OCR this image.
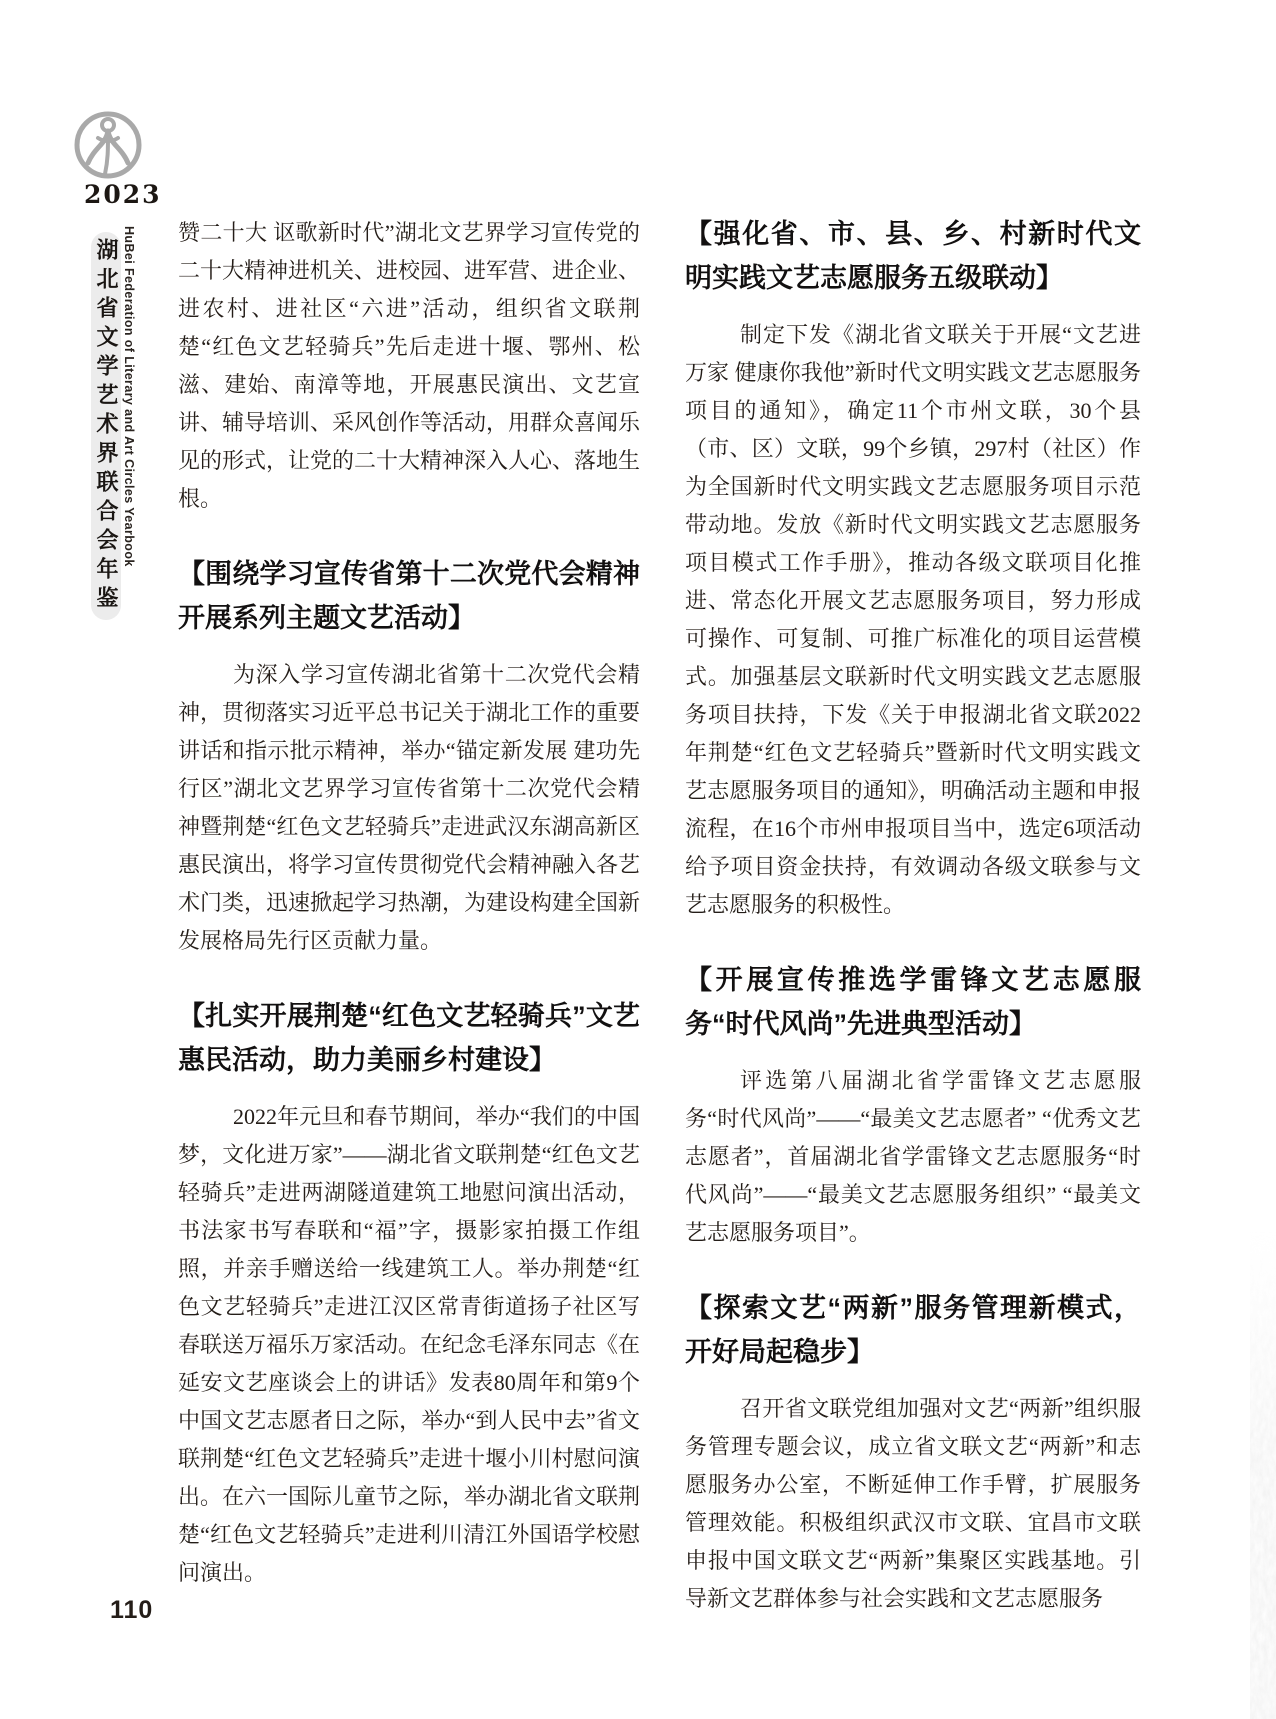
2023
湖北省文学艺术界联合会年鉴 HuBei Federation of Literary and Art Circles Yearbook 赞二十大 讴歌新时代”湖北文艺界学习宣传党的二十大精神进机关、进校园、进军营、进企业、进农村、进社区“六进”活动，组织省文联荆楚“红色文艺轻骑兵”先后走进十堰、鄂州、松滋、建始、南漳等地，开展惠民演出、文艺宣讲、辅导培训、采风创作等活动，用群众喜闻乐见的形式，让党的二十大精神深入人心、落地生根。

【围绕学习宣传省第十二次党代会精神开展系列主题文艺活动】

为深入学习宣传湖北省第十二次党代会精神，贯彻落实习近平总书记关于湖北工作的重要讲话和指示批示精神，举办“锚定新发展 建功先行区”湖北文艺界学习宣传省第十二次党代会精神暨荆楚“红色文艺轻骑兵”走进武汉东湖高新区惠民演出，将学习宣传贯彻党代会精神融入各艺术门类，迅速掀起学习热潮，为建设构建全国新发展格局先行区贡献力量。

【扎实开展荆楚“红色文艺轻骑兵”文艺惠民活动，助力美丽乡村建设】

2022年元旦和春节期间，举办“我们的中国梦，文化进万家”——湖北省文联荆楚“红色文艺轻骑兵”走进两湖隧道建筑工地慰问演出活动，书法家书写春联和“福”字，摄影家拍摄工作组照，并亲手赠送给一线建筑工人。举办荆楚“红色文艺轻骑兵”走进江汉区常青街道扬子社区写春联送万福乐万家活动。在纪念毛泽东同志《在延安文艺座谈会上的讲话》发表80周年和第9个中国文艺志愿者日之际，举办“到人民中去”省文联荆楚“红色文艺轻骑兵”走进十堰小川村慰问演出。在六一国际儿童节之际，举办湖北省文联荆楚“红色文艺轻骑兵”走进利川清江外国语学校慰问演出。

【强化省、市、县、乡、村新时代文明实践文艺志愿服务五级联动】

制定下发《湖北省文联关于开展“文艺进万家 健康你我他”新时代文明实践文艺志愿服务项目的通知》，确定11个市州文联，30个县（市、区）文联，99个乡镇，297村（社区）作为全国新时代文明实践文艺志愿服务项目示范带动地。发放《新时代文明实践文艺志愿服务项目模式工作手册》，推动各级文联项目化推进、常态化开展文艺志愿服务项目，努力形成可操作、可复制、可推广标准化的项目运营模式。加强基层文联新时代文明实践文艺志愿服务项目扶持，下发《关于申报湖北省文联2022年荆楚“红色文艺轻骑兵”暨新时代文明实践文艺志愿服务项目的通知》，明确活动主题和申报流程，在16个市州申报项目当中，选定6项活动给予项目资金扶持，有效调动各级文联参与文艺志愿服务的积极性。

【开展宣传推选学雷锋文艺志愿服务“时代风尚”先进典型活动】

评选第八届湖北省学雷锋文艺志愿服务“时代风尚”——“最美文艺志愿者” “优秀文艺志愿者”，首届湖北省学雷锋文艺志愿服务“时代风尚”——“最美文艺志愿服务组织” “最美文艺志愿服务项目”。

【探索文艺“两新”服务管理新模式，开好局起稳步】

召开省文联党组加强对文艺“两新”组织服务管理专题会议，成立省文联文艺“两新”和志愿服务办公室，不断延伸工作手臂，扩展服务管理效能。积极组织武汉市文联、宜昌市文联申报中国文联文艺“两新”集聚区实践基地。引导新文艺群体参与社会实践和文艺志愿服务

110
